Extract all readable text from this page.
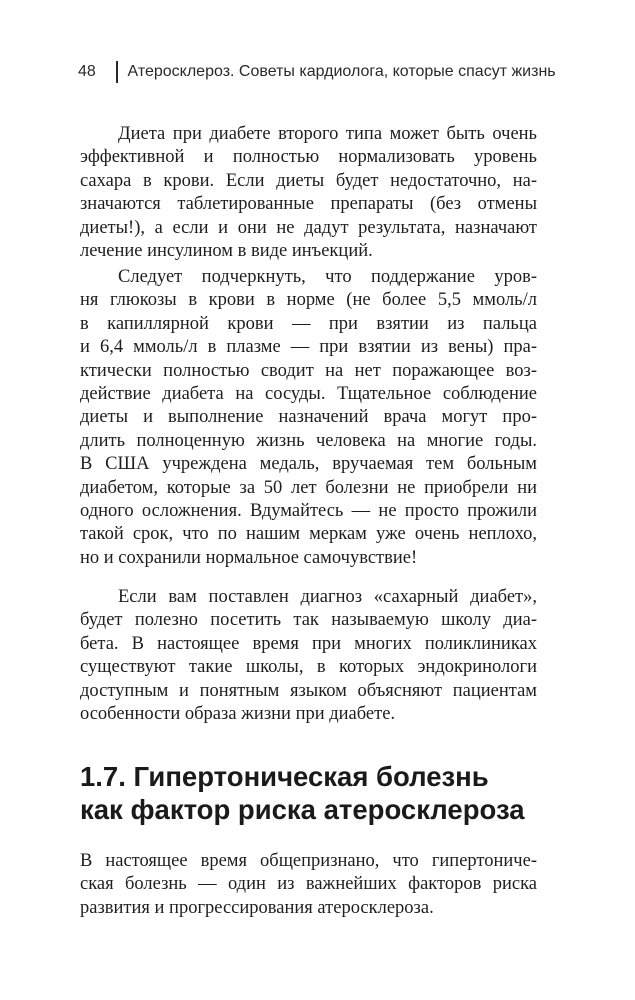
48	Атеросклероз. Советы кардиолога, которые спасут жизнь

Диета при диабете второго типа может быть очень
эффективной и полностью нормализовать уровень
сахара в крови. Если диеты будет недостаточно, на-
значаются таблетированные препараты (без отмены
диеты!), а если и они не дадут результата, назначают
лечение инсулином в виде инъекций.

Следует подчеркнуть, что поддержание уров-
ня глюкозы в крови в норме (не более 5,5 ммоль/л
в капиллярной крови — при взятии из пальца
и 6,4 ммоль/л в плазме — при взятии из вены) пра-
ктически полностью сводит на нет поражающее воз-
действие диабета на сосуды. Тщательное соблюдение
диеты и выполнение назначений врача могут про-
длить полноценную жизнь человека на многие годы.
В США учреждена медаль, вручаемая тем больным
диабетом, которые за 50 лет болезни не приобрели ни
одного осложнения. Вдумайтесь — не просто прожили
такой срок, что по нашим меркам уже очень неплохо,
но и сохранили нормальное самочувствие!

Если вам поставлен диагноз «сахарный диабет»,
будет полезно посетить так называемую школу диа-
бета. В настоящее время при многих поликлиниках
существуют такие школы, в которых эндокринологи
доступным и понятным языком объясняют пациентам
особенности образа жизни при диабете.

1.7. Гипертоническая болезнь
как фактор риска атеросклероза

В настоящее время общепризнано, что гипертониче-
ская болезнь — один из важнейших факторов риска
развития и прогрессирования атеросклероза.
